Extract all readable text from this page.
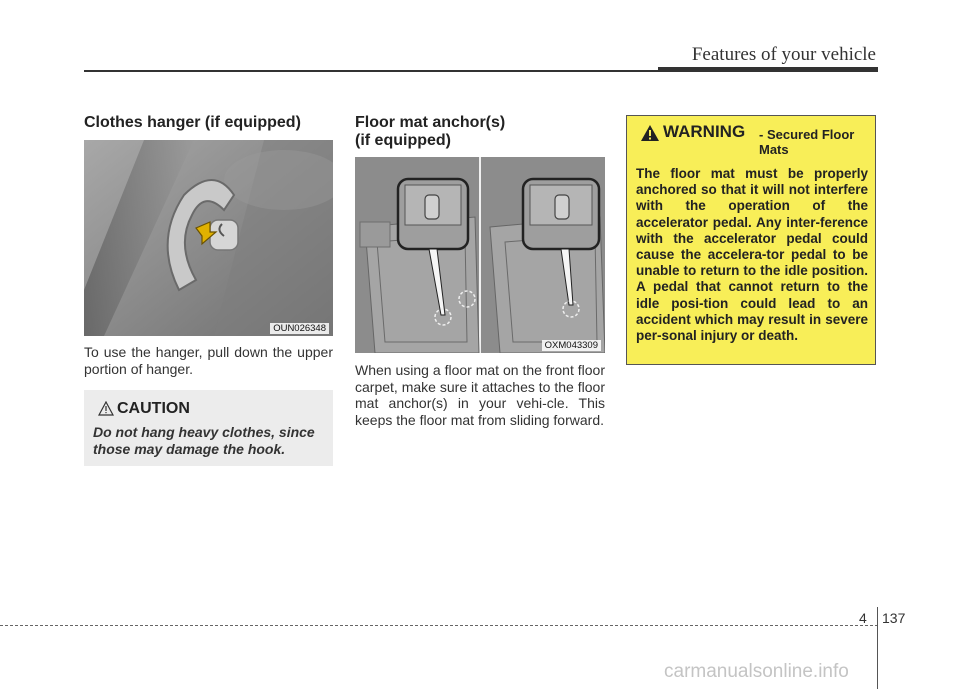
Features of your vehicle
Clothes hanger (if equipped)
OUN026348
To use the hanger, pull down the upper portion of hanger.
CAUTION
Do not hang heavy clothes, since those may damage the hook.
Floor mat anchor(s)
(if equipped)
OXM043309
When using a floor mat on the front floor carpet, make sure it attaches to the floor mat anchor(s) in your vehi-cle. This keeps the floor mat from sliding forward.
WARNING - Secured Floor Mats
The floor mat must be properly anchored so that it will not interfere with the operation of the accelerator pedal. Any inter-ference with the accelerator pedal could cause the accelera-tor pedal to be unable to return to the idle position. A pedal that cannot return to the idle posi-tion could lead to an accident which may result in severe per-sonal injury or death.
4 137
carmanualsonline.info
